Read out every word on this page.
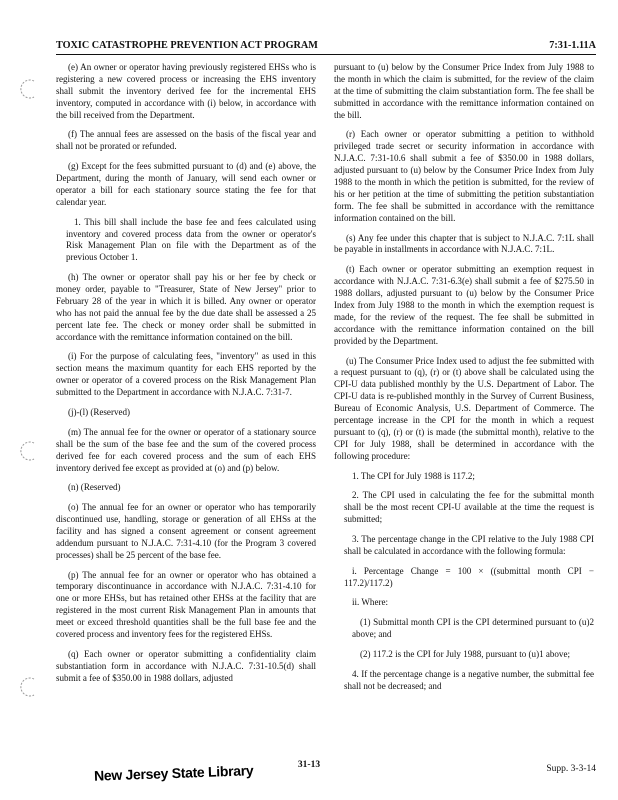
TOXIC CATASTROPHE PREVENTION ACT PROGRAM	7:31-1.11A

(e) An owner or operator having previously registered EHSs who is registering a new covered process or increasing the EHS inventory shall submit the inventory derived fee for the incremental EHS inventory, computed in accordance with (i) below, in accordance with the bill received from the Department.

(f) The annual fees are assessed on the basis of the fiscal year and shall not be prorated or refunded.

(g) Except for the fees submitted pursuant to (d) and (e) above, the Department, during the month of January, will send each owner or operator a bill for each stationary source stating the fee for that calendar year.

1. This bill shall include the base fee and fees calculated using inventory and covered process data from the owner or operator's Risk Management Plan on file with the Department as of the previous October 1.

(h) The owner or operator shall pay his or her fee by check or money order, payable to "Treasurer, State of New Jersey" prior to February 28 of the year in which it is billed. Any owner or operator who has not paid the annual fee by the due date shall be assessed a 25 percent late fee. The check or money order shall be submitted in accordance with the remittance information contained on the bill.

(i) For the purpose of calculating fees, "inventory" as used in this section means the maximum quantity for each EHS reported by the owner or operator of a covered process on the Risk Management Plan submitted to the Department in accordance with N.J.A.C. 7:31-7.

(j)-(l) (Reserved)

(m) The annual fee for the owner or operator of a stationary source shall be the sum of the base fee and the sum of the covered process derived fee for each covered process and the sum of each EHS inventory derived fee except as provided at (o) and (p) below.

(n) (Reserved)

(o) The annual fee for an owner or operator who has temporarily discontinued use, handling, storage or generation of all EHSs at the facility and has signed a consent agreement or consent agreement addendum pursuant to N.J.A.C. 7:31-4.10 (for the Program 3 covered processes) shall be 25 percent of the base fee.

(p) The annual fee for an owner or operator who has obtained a temporary discontinuance in accordance with N.J.A.C. 7:31-4.10 for one or more EHSs, but has retained other EHSs at the facility that are registered in the most current Risk Management Plan in amounts that meet or exceed threshold quantities shall be the full base fee and the covered process and inventory fees for the registered EHSs.

(q) Each owner or operator submitting a confidentiality claim substantiation form in accordance with N.J.A.C. 7:31-10.5(d) shall submit a fee of $350.00 in 1988 dollars, adjusted

pursuant to (u) below by the Consumer Price Index from July 1988 to the month in which the claim is submitted, for the review of the claim at the time of submitting the claim substantiation form. The fee shall be submitted in accordance with the remittance information contained on the bill.

(r) Each owner or operator submitting a petition to withhold privileged trade secret or security information in accordance with N.J.A.C. 7:31-10.6 shall submit a fee of $350.00 in 1988 dollars, adjusted pursuant to (u) below by the Consumer Price Index from July 1988 to the month in which the petition is submitted, for the review of his or her petition at the time of submitting the petition substantiation form. The fee shall be submitted in accordance with the remittance information contained on the bill.

(s) Any fee under this chapter that is subject to N.J.A.C. 7:1L shall be payable in installments in accordance with N.J.A.C. 7:1L.

(t) Each owner or operator submitting an exemption request in accordance with N.J.A.C. 7:31-6.3(e) shall submit a fee of $275.50 in 1988 dollars, adjusted pursuant to (u) below by the Consumer Price Index from July 1988 to the month in which the exemption request is made, for the review of the request. The fee shall be submitted in accordance with the remittance information contained on the bill provided by the Department.

(u) The Consumer Price Index used to adjust the fee submitted with a request pursuant to (q), (r) or (t) above shall be calculated using the CPI-U data published monthly by the U.S. Department of Labor. The CPI-U data is re-published monthly in the Survey of Current Business, Bureau of Economic Analysis, U.S. Department of Commerce. The percentage increase in the CPI for the month in which a request pursuant to (q), (r) or (t) is made (the submittal month), relative to the CPI for July 1988, shall be determined in accordance with the following procedure:

1. The CPI for July 1988 is 117.2;

2. The CPI used in calculating the fee for the submittal month shall be the most recent CPI-U available at the time the request is submitted;

3. The percentage change in the CPI relative to the July 1988 CPI shall be calculated in accordance with the following formula:

i. Percentage Change = 100 × ((submittal month CPI − 117.2)/117.2)

ii. Where:

(1) Submittal month CPI is the CPI determined pursuant to (u)2 above; and

(2) 117.2 is the CPI for July 1988, pursuant to (u)1 above;

4. If the percentage change is a negative number, the submittal fee shall not be decreased; and

31-13
New Jersey State Library	Supp. 3-3-14
